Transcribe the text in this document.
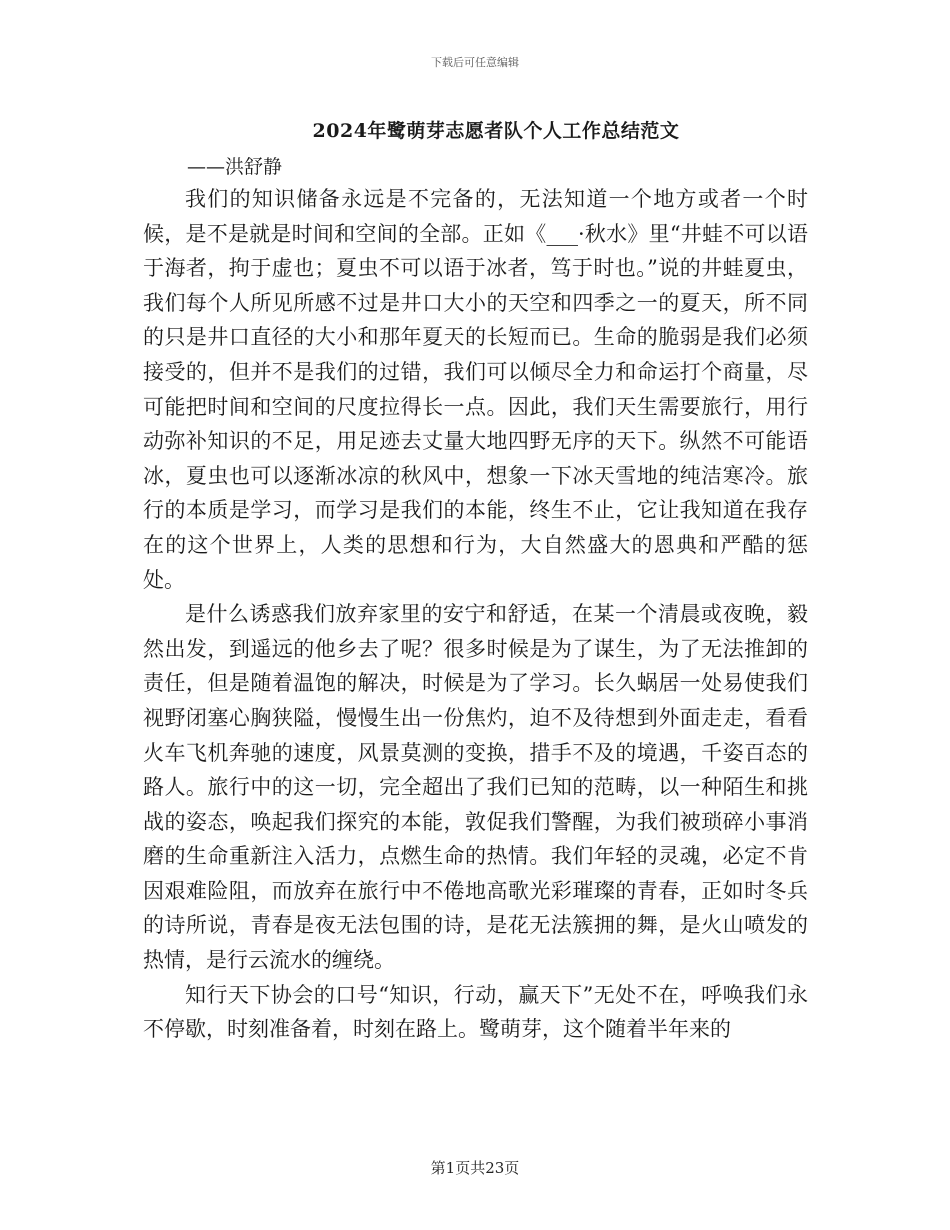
下载后可任意编辑
2024年鹭萌芽志愿者队个人工作总结范文
——洪舒静

我们的知识储备永远是不完备的，无法知道一个地方或者一个时候，是不是就是时间和空间的全部。正如《___·秋水》里“井蛙不可以语于海者，拘于虚也；夏虫不可以语于冰者，笃于时也。”说的井蛙夏虫，我们每个人所见所感不过是井口大小的天空和四季之一的夏天，所不同的只是井口直径的大小和那年夏天的长短而已。生命的脆弱是我们必须接受的，但并不是我们的过错，我们可以倾尽全力和命运打个商量，尽可能把时间和空间的尺度拉得长一点。因此，我们天生需要旅行，用行动弥补知识的不足，用足迹去丈量大地四野无序的天下。纵然不可能语冰，夏虫也可以逐渐冰凉的秋风中，想象一下冰天雪地的纯洁寒冷。旅行的本质是学习，而学习是我们的本能，终生不止，它让我知道在我存在的这个世界上，人类的思想和行为，大自然盛大的恩典和严酷的惩处。

是什么诱惑我们放弃家里的安宁和舒适，在某一个清晨或夜晚，毅然出发，到遥远的他乡去了呢？很多时候是为了谋生，为了无法推卸的责任，但是随着温饱的解决，时候是为了学习。长久蜗居一处易使我们视野闭塞心胸狭隘，慢慢生出一份焦灼，迫不及待想到外面走走，看看火车飞机奔驰的速度，风景莫测的变换，措手不及的境遇，千姿百态的路人。旅行中的这一切，完全超出了我们已知的范畴，以一种陌生和挑战的姿态，唤起我们探究的本能，敦促我们警醒，为我们被琐碎小事消磨的生命重新注入活力，点燃生命的热情。我们年轻的灵魂，必定不肯因艰难险阻，而放弃在旅行中不倦地高歌光彩璀璨的青春，正如时冬兵的诗所说，青春是夜无法包围的诗，是花无法簇拥的舞，是火山喷发的热情，是行云流水的缠绕。

知行天下协会的口号“知识，行动，赢天下”无处不在，呼唤我们永不停歇，时刻准备着，时刻在路上。鹭萌芽，这个随着半年来的

第1页共23页
